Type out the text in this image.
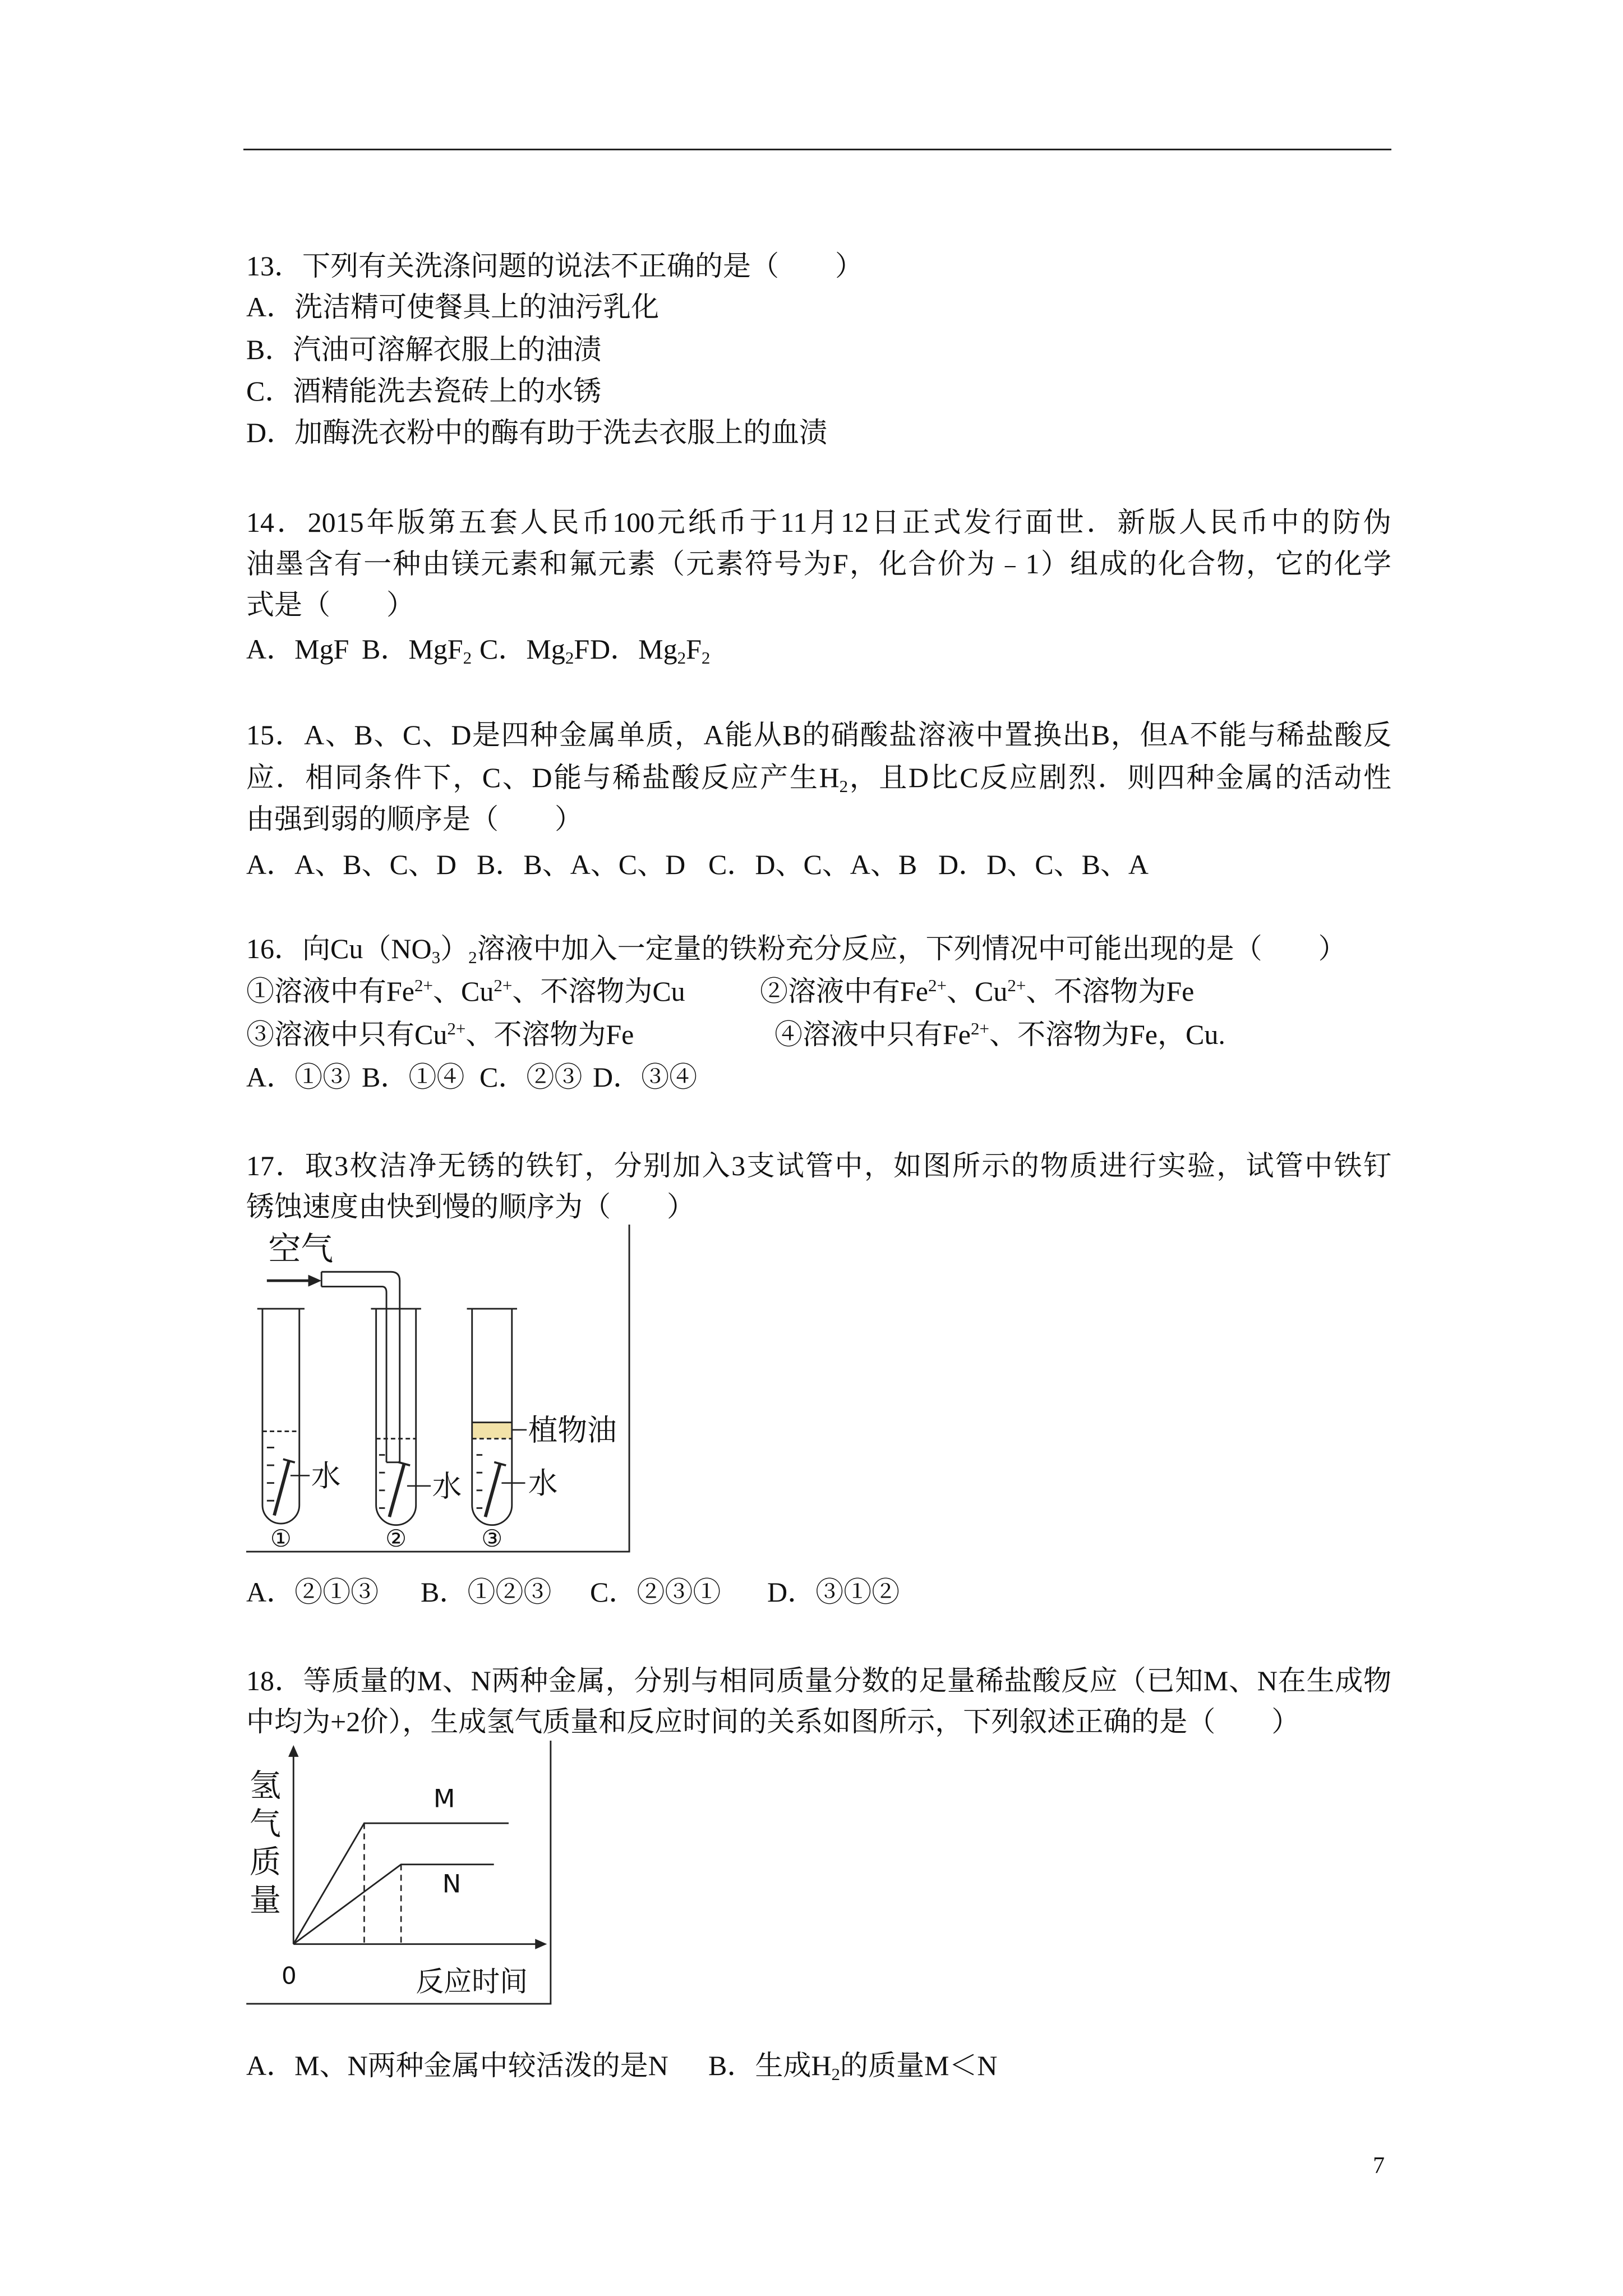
13．下列有关洗涤问题的说法不正确的是（　　）
A．洗洁精可使餐具上的油污乳化
B．汽油可溶解衣服上的油渍
C．酒精能洗去瓷砖上的水锈
D．加酶洗衣粉中的酶有助于洗去衣服上的血渍
14．2015年版第五套人民币100元纸币于11月12日正式发行面世．新版人民币中的防伪
油墨含有一种由镁元素和氟元素（元素符号为F，化合价为﹣1）组成的化合物，它的化学
式是（　　）
A．MgF B．MgF$_2$ C．$Mg_2F$ D．$Mg_2F_2$
15．A、B、C、D是四种金属单质，A能从B的硝酸盐溶液中置换出B，但A不能与稀盐酸反
应．相同条件下，C、D能与稀盐酸反应产生$H_2$，且D比C反应剧烈．则四种金属的活动性
由强到弱的顺序是（　　）
A．A、B、C、D B．B、A、C、D C．D、C、A、B D．D、C、B、A
16．向$Cu(NO_3)_2$溶液中加入一定量的铁粉充分反应，下列情况中可能出现的是（　　）
①溶液中有$Fe^{2+}$、$Cu^{2+}$、不溶物为Cu	②溶液中有$Fe^{2+}$、$Cu^{2+}$、不溶物为Fe
③溶液中只有$Cu^{2+}$、不溶物为Fe	④溶液中只有$Fe^{2+}$、不溶物为Fe，Cu.
A．①③ B．①④ C．②③ D．③④
17．取3枚洁净无锈的铁钉，分别加入3支试管中，如图所示的物质进行实验，试管中铁钉
锈蚀速度由快到慢的顺序为（　　）
空气
水	水
植物油
水
①	②	③
A．②①③ B．①②③ C．②③① D．③①②
18．等质量的M、N两种金属，分别与相同质量分数的足量稀盐酸反应（已知M、N在生成物
中均为+2价），生成氢气质量和反应时间的关系如图所示，下列叙述正确的是（　　）
M
N
0	反应时间
氢气质量
A．M、N两种金属中较活泼的是N B．生成$H_2$的质量M＜N
7
